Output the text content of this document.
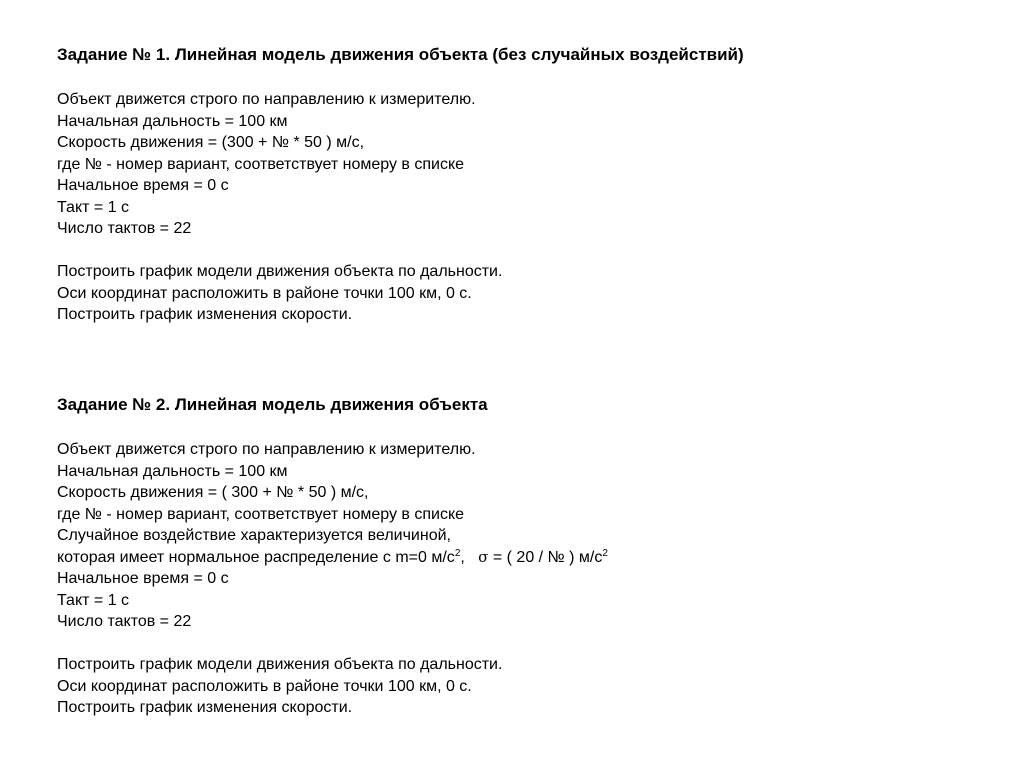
Задание № 1. Линейная модель движения объекта (без случайных воздействий)
Объект движется строго по направлению к измерителю.
Начальная дальность = 100 км
Скорость движения = (300 + № * 50 ) м/с,
где № - номер вариант, соответствует номеру в списке
Начальное время = 0 с
Такт = 1 с
Число тактов = 22
Построить график модели движения объекта по дальности.
Оси координат расположить в районе точки 100 км, 0 с.
Построить график изменения скорости.
Задание № 2. Линейная модель движения объекта
Объект движется строго по направлению к измерителю.
Начальная дальность = 100 км
Скорость движения = ( 300 + № * 50 ) м/с,
где № - номер вариант, соответствует номеру в списке
Случайное воздействие характеризуется величиной,
которая имеет нормальное распределение с m=0 $м/с^2$,   σ = ( 20 / № ) $м/с^2$
Начальное время = 0 с
Такт = 1 с
Число тактов = 22
Построить график модели движения объекта по дальности.
Оси координат расположить в районе точки 100 км, 0 с.
Построить график изменения скорости.
